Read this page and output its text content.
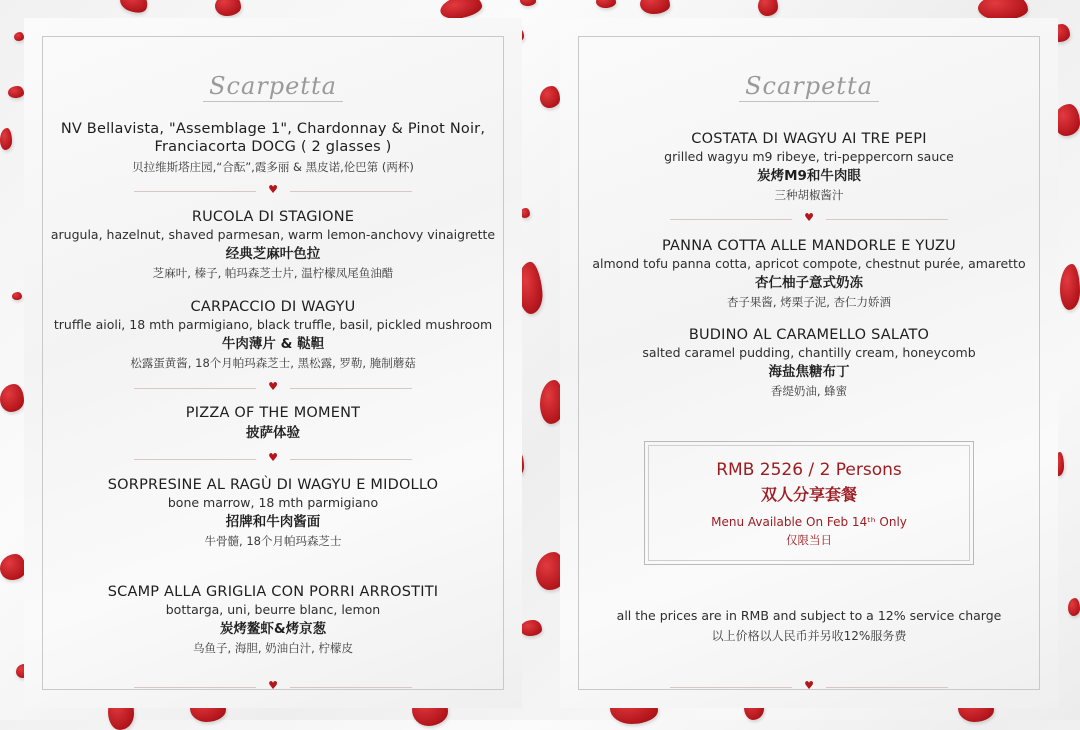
Scarpetta
NV Bellavista, "Assemblage 1", Chardonnay & Pinot Noir,
Franciacorta DOCG ( 2 glasses )
贝拉维斯塔庄园,“合酝”,霞多丽 & 黑皮诺,伦巴第 (两杯)
♥
RUCOLA DI STAGIONE
arugula, hazelnut, shaved parmesan, warm lemon-anchovy vinaigrette
经典芝麻叶色拉
芝麻叶, 榛子, 帕玛森芝士片, 温柠檬凤尾鱼油醋
CARPACCIO DI WAGYU
truffle aioli, 18 mth parmigiano, black truffle, basil, pickled mushroom
牛肉薄片 & 鞑靼
松露蛋黄酱, 18个月帕玛森芝士, 黑松露, 罗勒, 腌制蘑菇
♥
PIZZA OF THE MOMENT
披萨体验
♥
SORPRESINE AL RAGÙ DI WAGYU E MIDOLLO
bone marrow, 18 mth parmigiano
招牌和牛肉酱面
牛骨髓, 18个月帕玛森芝士
SCAMP ALLA GRIGLIA CON PORRI ARROSTITI
bottarga, uni, beurre blanc, lemon
炭烤鳌虾&烤京葱
乌鱼子, 海胆, 奶油白汁, 柠檬皮
♥
Scarpetta
COSTATA DI WAGYU AI TRE PEPI
grilled wagyu m9 ribeye, tri-peppercorn sauce
炭烤M9和牛肉眼
三种胡椒酱汁
♥
PANNA COTTA ALLE MANDORLE E YUZU
almond tofu panna cotta, apricot compote, chestnut purée, amaretto
杏仁柚子意式奶冻
杏子果酱, 烤栗子泥, 杏仁力娇酒
BUDINO AL CARAMELLO SALATO
salted caramel pudding, chantilly cream, honeycomb
海盐焦糖布丁
香缇奶油, 蜂蜜
RMB 2526 / 2 Persons
双人分享套餐
Menu Available On Feb 14ᵗʰ Only
仅限当日
all the prices are in RMB and subject to a 12% service charge
以上价格以人民币并另收12%服务费
♥
